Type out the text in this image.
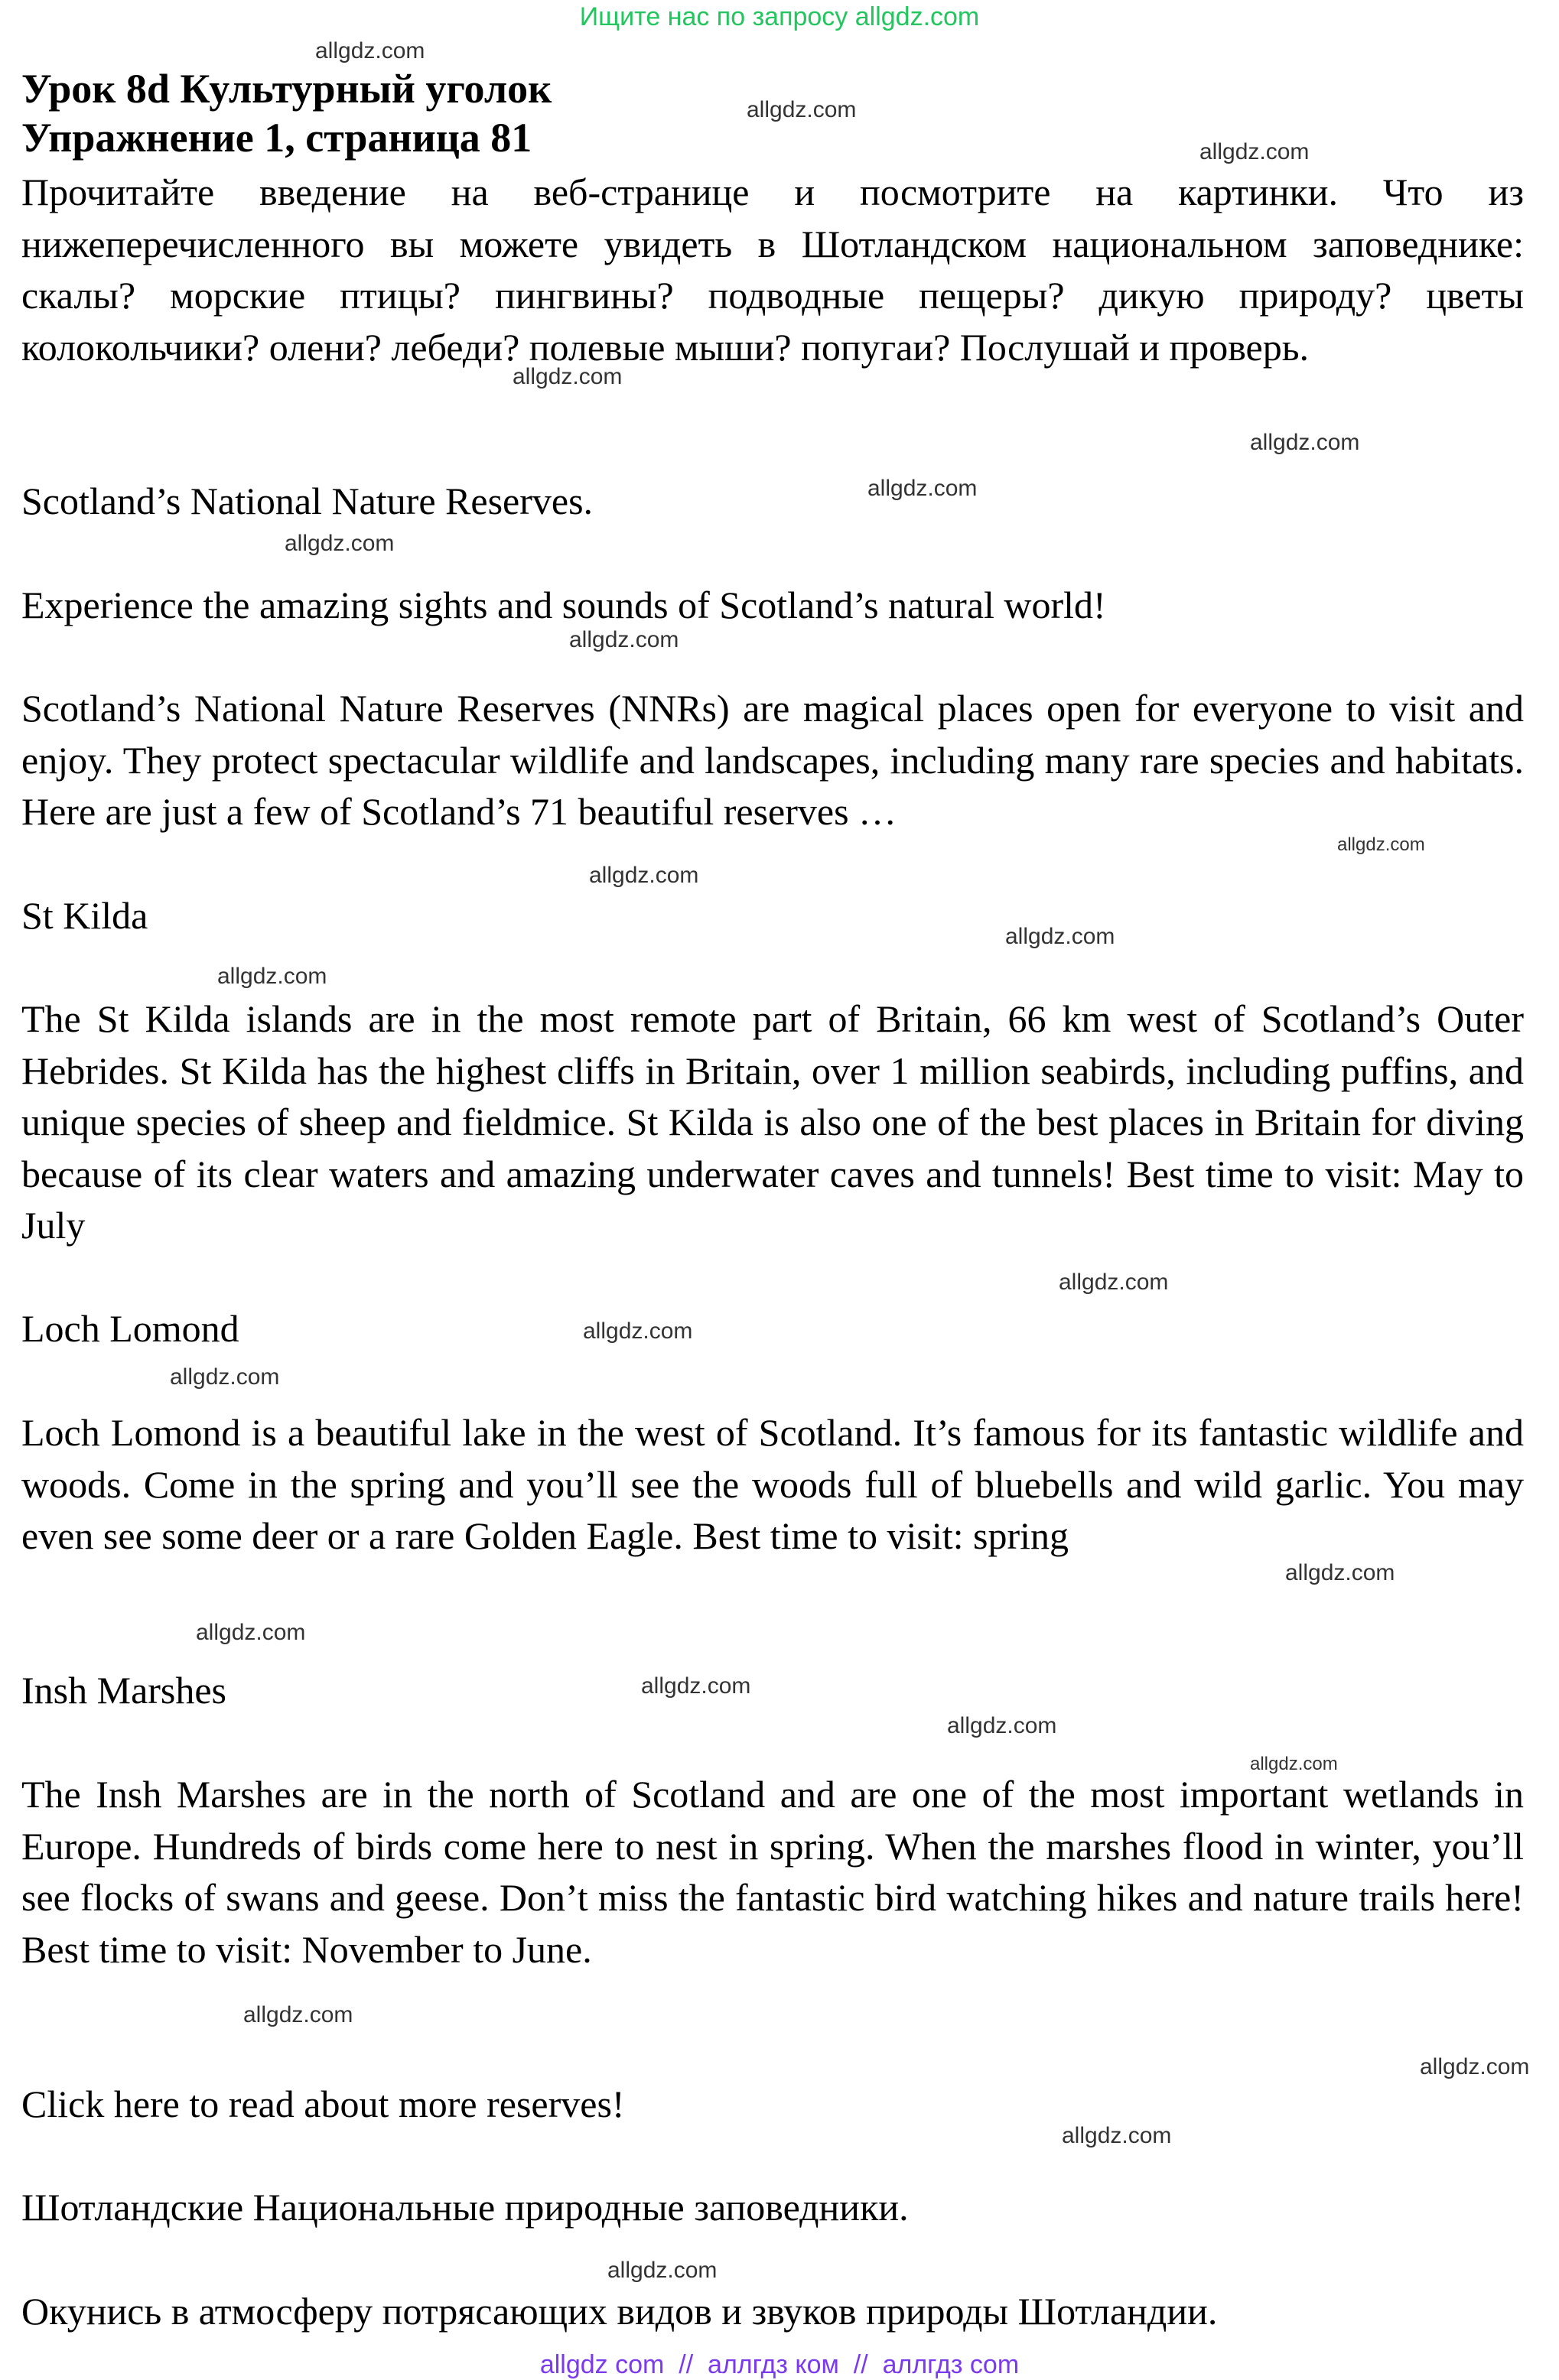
Ищите нас по запросу allgdz.com
Урок 8d Культурный уголок
Упражнение 1, страница 81
Прочитайте введение на веб-странице и посмотрите на картинки. Что из нижеперечисленного вы можете увидеть в Шотландском национальном заповеднике: скалы? морские птицы? пингвины? подводные пещеры? дикую природу? цветы колокольчики? олени? лебеди? полевые мыши? попугаи? Послушай и проверь.
Scotland’s National Nature Reserves.
Experience the amazing sights and sounds of Scotland’s natural world!
Scotland’s National Nature Reserves (NNRs) are magical places open for everyone to visit and enjoy. They protect spectacular wildlife and landscapes, including many rare species and habitats. Here are just a few of Scotland’s 71 beautiful reserves …
St Kilda
The St Kilda islands are in the most remote part of Britain, 66 km west of Scotland’s Outer Hebrides. St Kilda has the highest cliffs in Britain, over 1 million seabirds, including puffins, and unique species of sheep and fieldmice. St Kilda is also one of the best places in Britain for diving because of its clear waters and amazing underwater caves and tunnels! Best time to visit: May to July
Loch Lomond
Loch Lomond is a beautiful lake in the west of Scotland. It’s famous for its fantastic wildlife and woods. Come in the spring and you’ll see the woods full of bluebells and wild garlic. You may even see some deer or a rare Golden Eagle. Best time to visit: spring
Insh Marshes
The Insh Marshes are in the north of Scotland and are one of the most important wetlands in Europe. Hundreds of birds come here to nest in spring. When the marshes flood in winter, you’ll see flocks of swans and geese. Don’t miss the fantastic bird watching hikes and nature trails here! Best time to visit: November to June.
Click here to read about more reserves!
Шотландские Национальные природные заповедники.
Окунись в атмосферу потрясающих видов и звуков природы Шотландии.
allgdz.com
allgdz.com
allgdz.com
allgdz.com
allgdz.com
allgdz.com
allgdz.com
allgdz.com
allgdz.com
allgdz.com
allgdz.com
allgdz.com
allgdz.com
allgdz.com
allgdz.com
allgdz.com
allgdz.com
allgdz.com
allgdz.com
allgdz.com
allgdz.com
allgdz.com
allgdz.com
allgdz.com
allgdz com  //  аллгдз ком  //  аллгдз com
